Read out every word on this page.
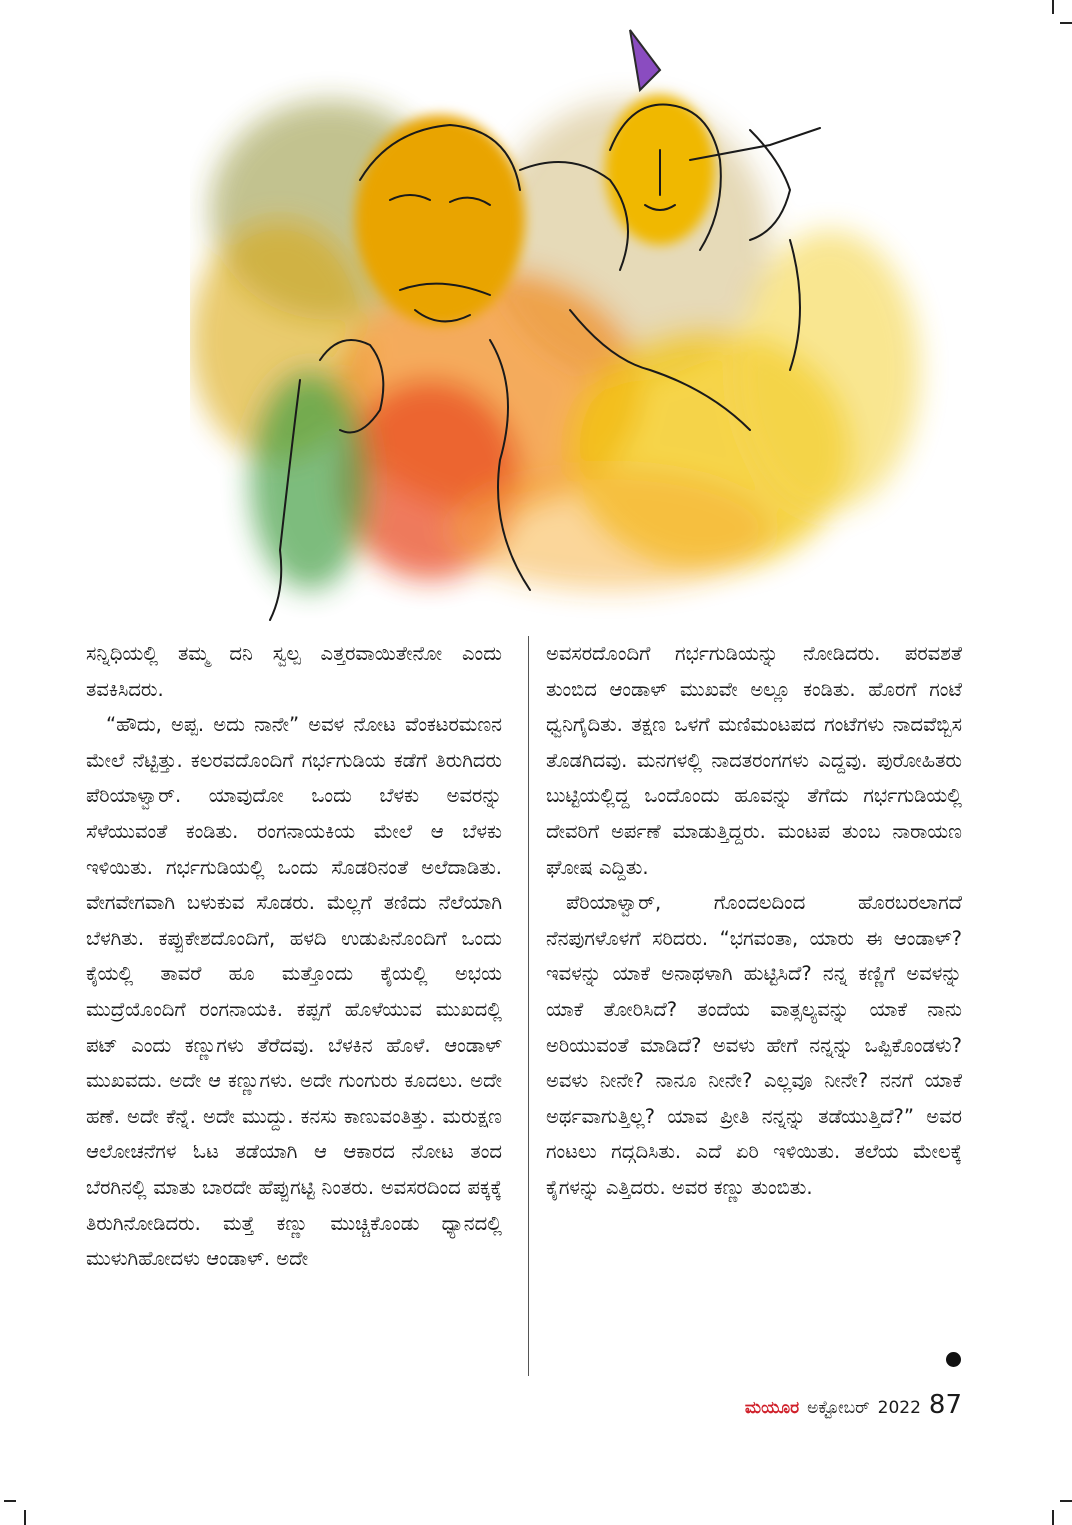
ಸನ್ನಿಧಿಯಲ್ಲಿ ತಮ್ಮ ದನಿ ಸ್ವಲ್ಪ ಎತ್ತರವಾಯಿತೇನೋ ಎಂದು ತವಕಿಸಿದರು.

“ಹೌದು, ಅಪ್ಪ. ಅದು ನಾನೇ” ಅವಳ ನೋಟ ವೆಂಕಟರಮಣನ ಮೇಲೆ ನೆಟ್ಟಿತ್ತು. ಕಲರವದೊಂದಿಗೆ ಗರ್ಭಗುಡಿಯ ಕಡೆಗೆ ತಿರುಗಿದರು ಪೆರಿಯಾಳ್ವಾರ್. ಯಾವುದೋ ಒಂದು ಬೆಳಕು ಅವರನ್ನು ಸೆಳೆಯುವಂತೆ ಕಂಡಿತು. ರಂಗನಾಯಕಿಯ ಮೇಲೆ ಆ ಬೆಳಕು ಇಳಿಯಿತು. ಗರ್ಭಗುಡಿಯಲ್ಲಿ ಒಂದು ಸೊಡರಿನಂತೆ ಅಲೆದಾಡಿತು. ವೇಗವೇಗವಾಗಿ ಬಳುಕುವ ಸೊಡರು. ಮೆಲ್ಲಗೆ ತಣಿದು ನೆಲೆಯಾಗಿ ಬೆಳಗಿತು. ಕಪ್ಪುಕೇಶದೊಂದಿಗೆ, ಹಳದಿ ಉಡುಪಿನೊಂದಿಗೆ ಒಂದು ಕೈಯಲ್ಲಿ ತಾವರೆ ಹೂ ಮತ್ತೊಂದು ಕೈಯಲ್ಲಿ ಅಭಯ ಮುದ್ರೆಯೊಂದಿಗೆ ರಂಗನಾಯಕಿ. ಕಪ್ಪಗೆ ಹೊಳೆಯುವ ಮುಖದಲ್ಲಿ ಪಟ್ ಎಂದು ಕಣ್ಣುಗಳು ತೆರೆದವು. ಬೆಳಕಿನ ಹೊಳೆ. ಆಂಡಾಳ್ ಮುಖವದು. ಅದೇ ಆ ಕಣ್ಣುಗಳು. ಅದೇ ಗುಂಗುರು ಕೂದಲು. ಅದೇ ಹಣೆ. ಅದೇ ಕೆನ್ನೆ. ಅದೇ ಮುದ್ದು. ಕನಸು ಕಾಣುವಂತಿತ್ತು. ಮರುಕ್ಷಣ ಆಲೋಚನೆಗಳ ಓಟ ತಡೆಯಾಗಿ ಆ ಆಕಾರದ ನೋಟ ತಂದ ಬೆರಗಿನಲ್ಲಿ ಮಾತು ಬಾರದೇ ಹೆಪ್ಪುಗಟ್ಟಿ ನಿಂತರು. ಅವಸರದಿಂದ ಪಕ್ಕಕ್ಕೆ ತಿರುಗಿನೋಡಿದರು. ಮತ್ತೆ ಕಣ್ಣು ಮುಚ್ಚಿಕೊಂಡು ಧ್ಯಾನದಲ್ಲಿ ಮುಳುಗಿಹೋದಳು ಆಂಡಾಳ್. ಅದೇ

ಅವಸರದೊಂದಿಗೆ ಗರ್ಭಗುಡಿಯನ್ನು ನೋಡಿದರು. ಪರವಶತೆ ತುಂಬಿದ ಆಂಡಾಳ್ ಮುಖವೇ ಅಲ್ಲೂ ಕಂಡಿತು. ಹೊರಗೆ ಗಂಟೆ ಧ್ವನಿಗೈದಿತು. ತಕ್ಷಣ ಒಳಗೆ ಮಣಿಮಂಟಪದ ಗಂಟೆಗಳು ನಾದವೆಬ್ಬಿಸ ತೊಡಗಿದವು. ಮನಗಳಲ್ಲಿ ನಾದತರಂಗಗಳು ಎದ್ದವು. ಪುರೋಹಿತರು ಬುಟ್ಟಿಯಲ್ಲಿದ್ದ ಒಂದೊಂದು ಹೂವನ್ನು ತೆಗೆದು ಗರ್ಭಗುಡಿಯಲ್ಲಿ ದೇವರಿಗೆ ಅರ್ಪಣೆ ಮಾಡುತ್ತಿದ್ದರು. ಮಂಟಪ ತುಂಬ ನಾರಾಯಣ ಘೋಷ ಎದ್ದಿತು.

ಪೆರಿಯಾಳ್ವಾರ್, ಗೊಂದಲದಿಂದ ಹೊರಬರಲಾಗದೆ ನೆನಪುಗಳೊಳಗೆ ಸರಿದರು. “ಭಗವಂತಾ, ಯಾರು ಈ ಆಂಡಾಳ್? ಇವಳನ್ನು ಯಾಕೆ ಅನಾಥಳಾಗಿ ಹುಟ್ಟಿಸಿದೆ? ನನ್ನ ಕಣ್ಣಿಗೆ ಅವಳನ್ನು ಯಾಕೆ ತೋರಿಸಿದೆ? ತಂದೆಯ ವಾತ್ಸಲ್ಯವನ್ನು ಯಾಕೆ ನಾನು ಅರಿಯುವಂತೆ ಮಾಡಿದೆ? ಅವಳು ಹೇಗೆ ನನ್ನನ್ನು ಒಪ್ಪಿಕೊಂಡಳು? ಅವಳು ನೀನೇ? ನಾನೂ ನೀನೇ? ಎಲ್ಲವೂ ನೀನೇ? ನನಗೆ ಯಾಕೆ ಅರ್ಥವಾಗುತ್ತಿಲ್ಲ? ಯಾವ ಪ್ರೀತಿ ನನ್ನನ್ನು ತಡೆಯುತ್ತಿದೆ?” ಅವರ ಗಂಟಲು ಗದ್ಗದಿಸಿತು. ಎದೆ ಏರಿ ಇಳಿಯಿತು. ತಲೆಯ ಮೇಲಕ್ಕೆ ಕೈಗಳನ್ನು ಎತ್ತಿದರು. ಅವರ ಕಣ್ಣು ತುಂಬಿತು.

ಮಯೂರ ಅಕ್ಟೋಬರ್ 2022 87
